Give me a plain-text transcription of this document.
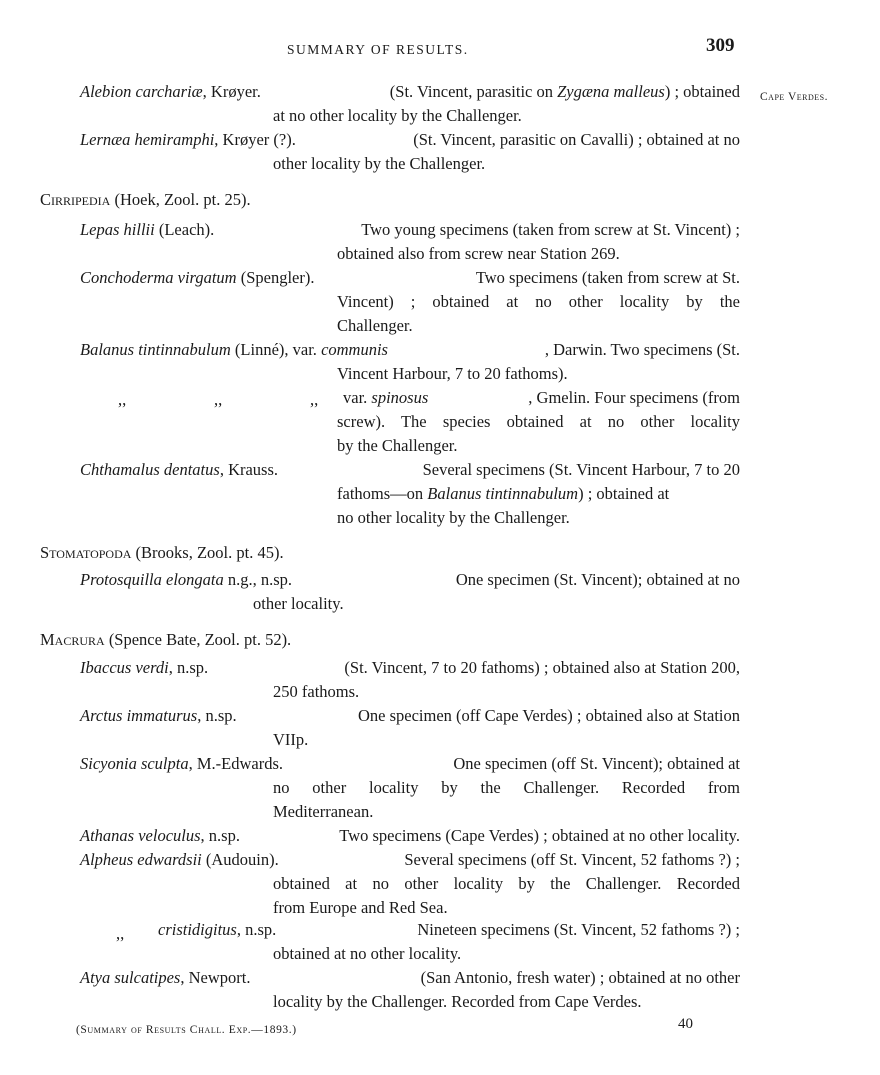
SUMMARY OF RESULTS.	309
Cape Verdes.
Alebion carchariæ, Krøyer.	(St. Vincent, parasitic on Zygæna malleus) ; obtained
at no other locality by the Challenger.
Lernæa hemiramphi, Krøyer (?).	(St. Vincent, parasitic on Cavalli) ; obtained at no
other locality by the Challenger.
Cirripedia (Hoek, Zool. pt. 25).
Lepas hillii (Leach).	Two young specimens (taken from screw at St. Vincent) ;
obtained also from screw near Station 269.
Conchoderma virgatum (Spengler).	Two specimens (taken from screw at St.
Vincent) ; obtained at no other locality by the
Challenger.
Balanus tintinnabulum (Linné), var. communis	, Darwin. Two specimens (St.
Vincent Harbour, 7 to 20 fathoms).
,,	,,	,, var. spinosus	, Gmelin. Four specimens (from
screw). The species obtained at no other locality
by the Challenger.
Chthamalus dentatus, Krauss.	Several specimens (St. Vincent Harbour, 7 to 20
fathoms—on Balanus tintinnabulum) ; obtained at
no other locality by the Challenger.
Stomatopoda (Brooks, Zool. pt. 45).
Protosquilla elongata n.g., n.sp.	One specimen (St. Vincent); obtained at no
other locality.
Macrura (Spence Bate, Zool. pt. 52).
Ibaccus verdi, n.sp.	(St. Vincent, 7 to 20 fathoms) ; obtained also at Station 200,
250 fathoms.
Arctus immaturus, n.sp.	One specimen (off Cape Verdes) ; obtained also at Station
VIIp.
Sicyonia sculpta, M.-Edwards.	One specimen (off St. Vincent); obtained at
no other locality by the Challenger. Recorded from
Mediterranean.
Athanas veloculus, n.sp.	Two specimens (Cape Verdes) ; obtained at no other locality.
Alpheus edwardsii (Audouin).	Several specimens (off St. Vincent, 52 fathoms ?) ;
obtained at no other locality by the Challenger. Recorded
from Europe and Red Sea.
,, cristidigitus, n.sp.	Nineteen specimens (St. Vincent, 52 fathoms ?) ;
obtained at no other locality.
Atya sulcatipes, Newport.	(San Antonio, fresh water) ; obtained at no other
locality by the Challenger. Recorded from Cape Verdes.
(Summary of Results Chall. Exp.—1893.)	40
